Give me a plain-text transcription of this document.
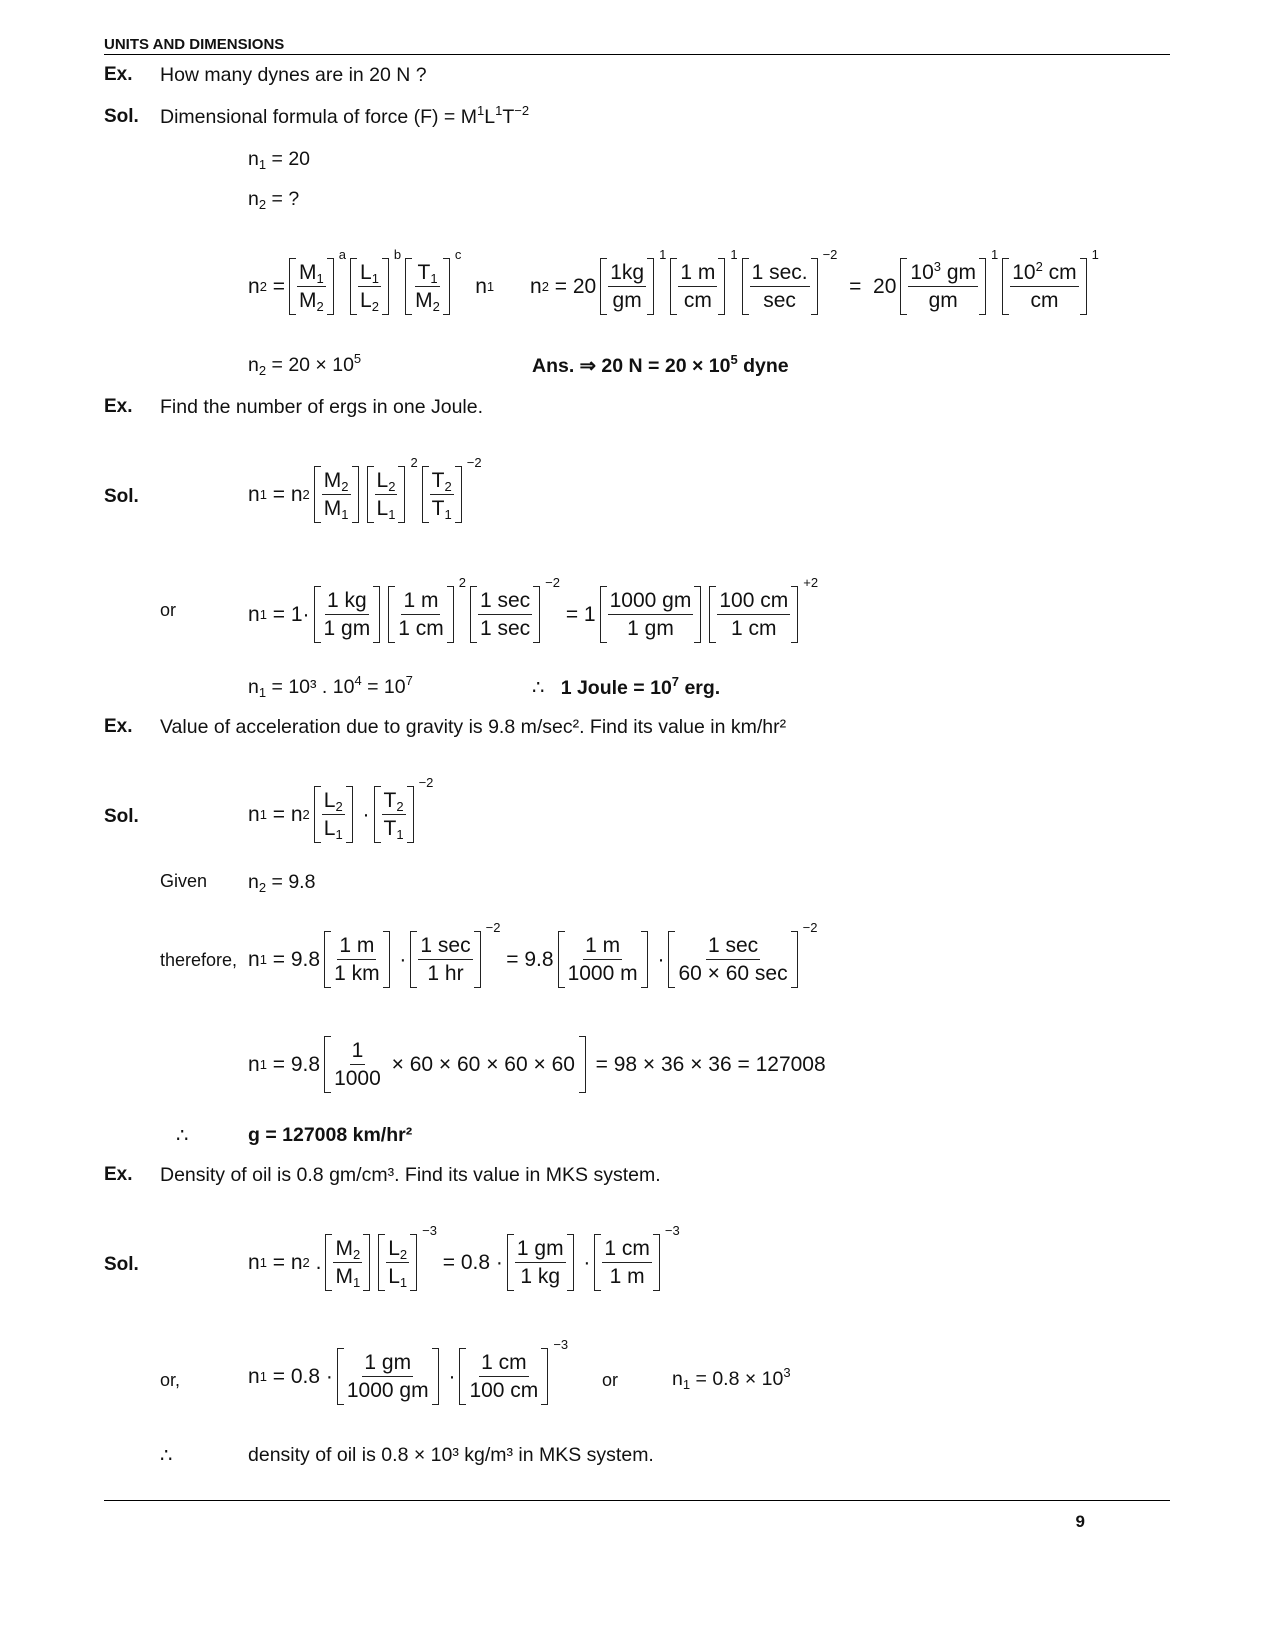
UNITS AND DIMENSIONS
Ex. How many dynes are in 20 N ?
Sol. Dimensional formula of force $(F) = M^1L^1T^{-2}$
$n_1 = 20$
$n_2$ = ?
n 2 =
$M_1$
$M_2$
a
$L_1$
$L_2$
b
$T_1$
$M_2$
c
n 1 n 2 = 20
1kg
gm
1
1 m
cm
1
1 sec.
sec
−2
=  20
$10^3$ gm
gm
1
$10^2$ cm
cm
1
$n_2 = 20 \times 10^5$	Ans. ⇒ 20 $N = 20 \times 10^5$ dyne
Ex. Find the number of ergs in one Joule.
Sol.	n 1 = n 2
$M_2$
$M_1$
$L_2$
$L_1$
2
$T_2$
$T_1$
−2
or	n 1 = 1·
1 kg
1 gm
1 m
1 cm
2
1 sec
1 sec
−2
= 1
1000 gm
1 gm
100 cm
1 cm
+2
$n_1 = 10^3$ . $10^4 = 10^7$	∴ 1 Joule = $10^7$ erg.
Ex. Value of acceleration due to gravity is 9.8 m/sec². Find its value in km/hr²
Sol.	n 1 = n 2
$L_2$
$L_1$
·
$T_2$
$T_1$
−2
Given $n_2 = 9.8$
therefore, n 1 = 9.8
1 m
1 km
·
1 sec
1 hr
−2
= 9.8
1 m
1000 m
·
1 sec
60 × 60 sec
−2
n 1 = 9.8
1
1000
× 60 × 60 × 60 × 60 = 98 × 36 × 36 = 127008
∴	g = 127008 km/hr²
Ex. Density of oil is 0.8 gm/cm³. Find its value in MKS system.
Sol.	n 1 = n 2 .
$M_2$
$M_1$
$L_2$
$L_1$
−3
= 0.8 ·
1 gm
1 kg
·
1 cm
1 m
−3
or,	n 1 = 0.8 ·
1 gm
1000 gm
·
1 cm
100 cm
−3
or	$n_1 = 0.8 \times 10^3$
∴	density of oil is 0.8 × 10³ kg/m³ in MKS system.
9
